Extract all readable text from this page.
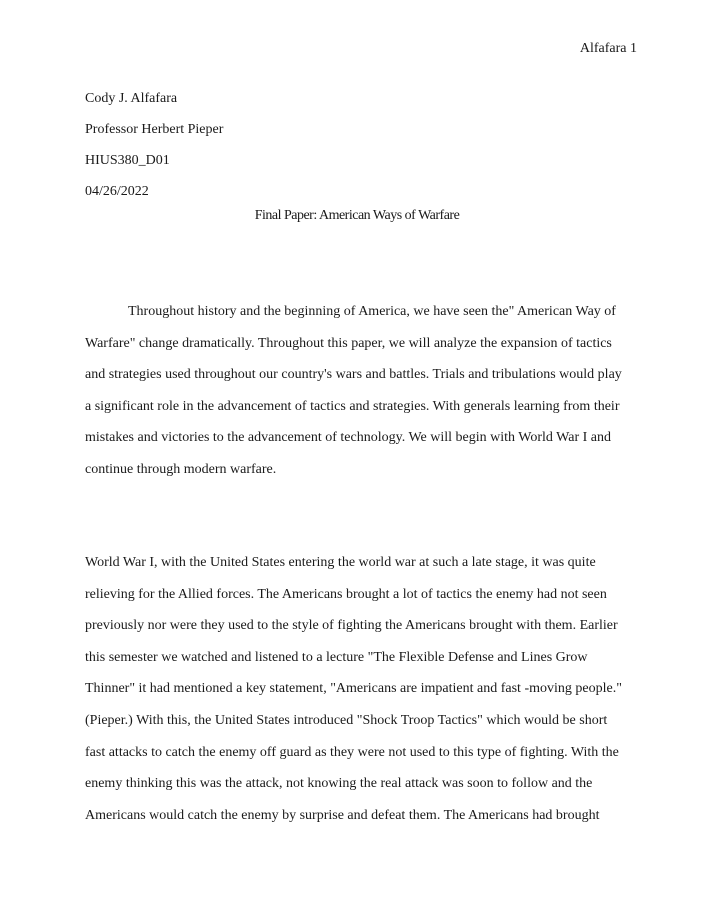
Alfafara 1
Cody J. Alfafara
Professor Herbert Pieper
HIUS380_D01
04/26/2022
Final Paper: American Ways of Warfare
Throughout history and the beginning of America, we have seen the" American Way of
Warfare" change dramatically. Throughout this paper, we will analyze the expansion of tactics
and strategies used throughout our country's wars and battles. Trials and tribulations would play
a significant role in the advancement of tactics and strategies. With generals learning from their
mistakes and victories to the advancement of technology. We will begin with World War I and
continue through modern warfare.
World War I, with the United States entering the world war at such a late stage, it was quite
relieving for the Allied forces. The Americans brought a lot of tactics the enemy had not seen
previously nor were they used to the style of fighting the Americans brought with them. Earlier
this semester we watched and listened to a lecture "The Flexible Defense and Lines Grow
Thinner" it had mentioned a key statement, "Americans are impatient and fast -moving people."
(Pieper.) With this, the United States introduced "Shock Troop Tactics" which would be short
fast attacks to catch the enemy off guard as they were not used to this type of fighting. With the
enemy thinking this was the attack, not knowing the real attack was soon to follow and the
Americans would catch the enemy by surprise and defeat them. The Americans had brought
